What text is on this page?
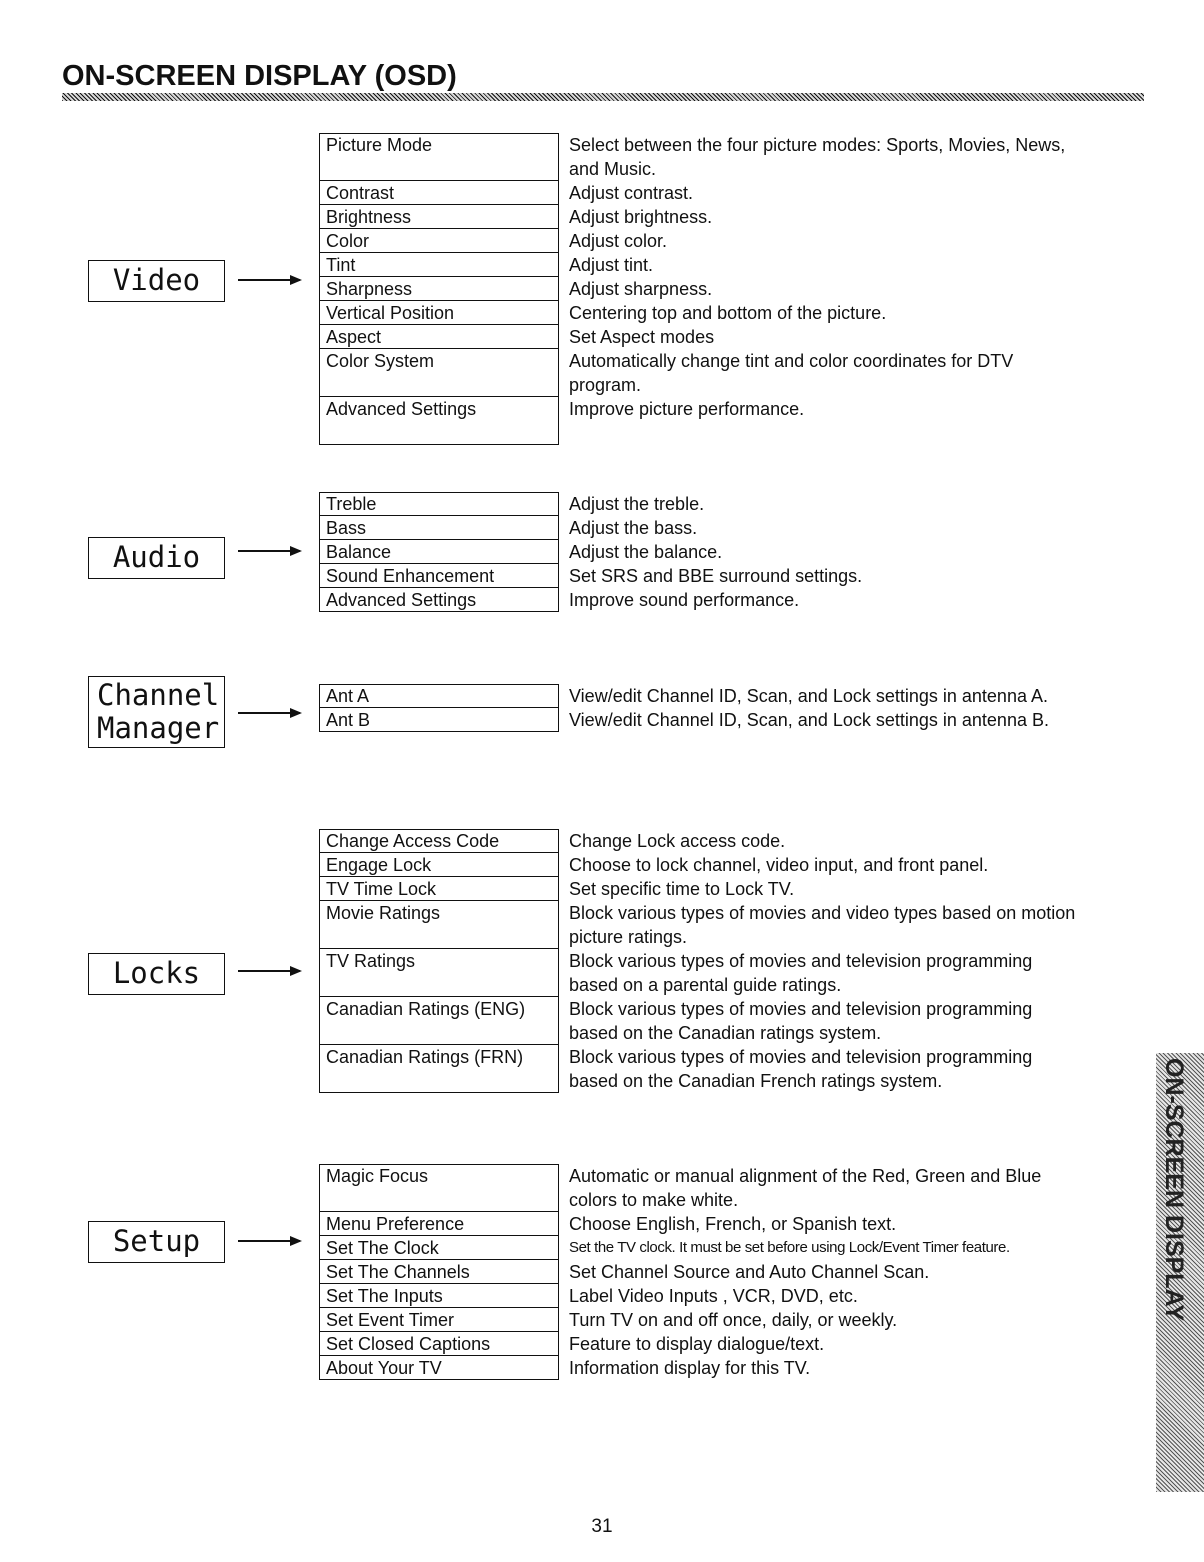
ON-SCREEN DISPLAY (OSD)
Video
Audio
Channel
Manager
Locks
Setup
Picture Mode	Select between the four picture modes: Sports, Movies, News,
and Music.
Contrast	Adjust contrast.
Brightness	Adjust brightness.
Color	Adjust color.
Tint	Adjust tint.
Sharpness	Adjust sharpness.
Vertical Position	Centering top and bottom of the picture.
Aspect	Set Aspect modes
Color System	Automatically change tint and color coordinates for DTV
program.
Advanced Settings	Improve picture performance.
Treble	Adjust the treble.
Bass	Adjust the bass.
Balance	Adjust the balance.
Sound Enhancement	Set SRS and BBE surround settings.
Advanced Settings	Improve sound performance.
Ant A	View/edit Channel ID, Scan, and Lock settings in antenna A.
Ant B	View/edit Channel ID, Scan, and Lock settings in antenna B.
Change Access Code	Change Lock access code.
Engage Lock	Choose to lock channel, video input, and front panel.
TV Time Lock	Set specific time to Lock TV.
Movie Ratings	Block various types of movies and video types based on motion
picture ratings.
TV Ratings	Block various types of movies and television programming
based on a parental guide ratings.
Canadian Ratings (ENG)	Block various types of movies and television programming
based on the Canadian ratings system.
Canadian Ratings (FRN)	Block various types of movies and television programming
based on the Canadian French ratings system.
Magic Focus	Automatic or manual alignment of the Red, Green and Blue
colors to make white.
Menu Preference	Choose English, French, or Spanish text.
Set The Clock	Set the TV clock. It must be set before using Lock/Event Timer feature.
Set The Channels	Set Channel Source and Auto Channel Scan.
Set The Inputs	Label Video Inputs , VCR, DVD, etc.
Set Event Timer	Turn TV on and off once, daily, or weekly.
Set Closed Captions	Feature to display dialogue/text.
About Your TV	Information display for this TV.
ON-SCREEN DISPLAY
31
